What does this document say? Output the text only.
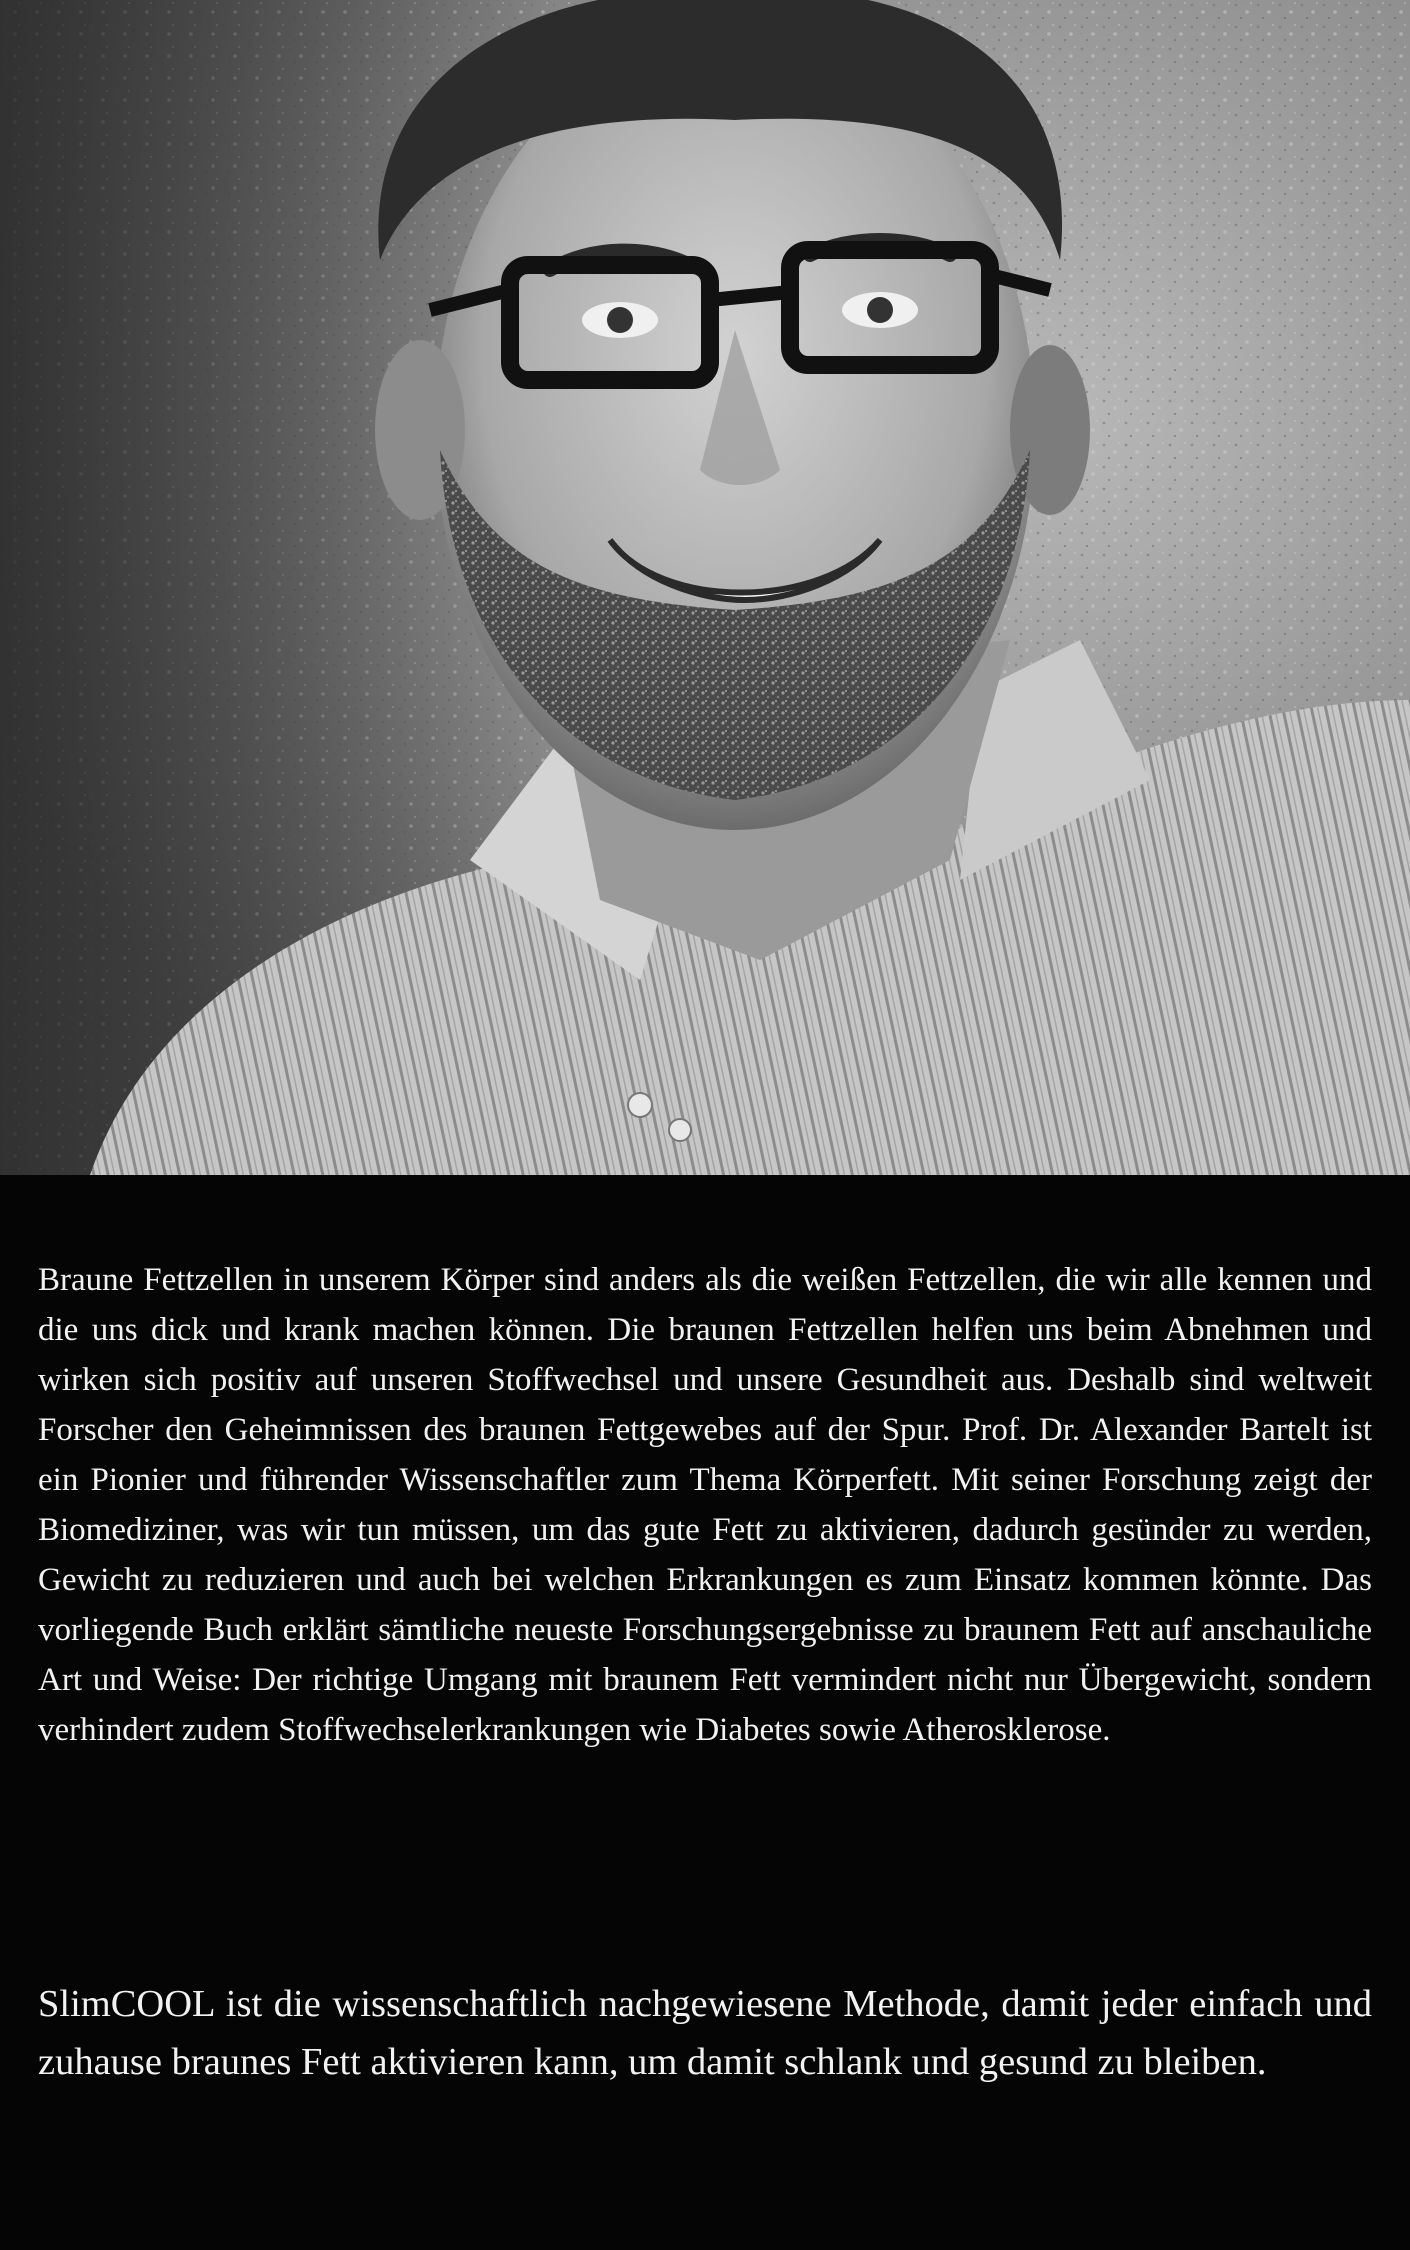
Braune Fettzellen in unserem Körper sind anders als die weißen Fettzellen, die wir alle kennen und die uns dick und krank machen können. Die braunen Fettzellen helfen uns beim Abnehmen und wirken sich positiv auf unseren Stoffwechsel und unsere Gesundheit aus. Deshalb sind weltweit Forscher den Geheimnissen des braunen Fettgewebes auf der Spur. Prof. Dr. Alexander Bartelt ist ein Pionier und führender Wissenschaftler zum Thema Körperfett. Mit seiner Forschung zeigt der Biomediziner, was wir tun müssen, um das gute Fett zu aktivieren, dadurch gesünder zu werden, Gewicht zu reduzieren und auch bei welchen Erkrankungen es zum Einsatz kommen könnte. Das vorliegende Buch erklärt sämtliche neueste Forschungsergebnisse zu braunem Fett auf anschauliche Art und Weise: Der richtige Umgang mit braunem Fett vermindert nicht nur Übergewicht, sondern verhindert zudem Stoffwechselerkrankungen wie Diabetes sowie Atherosklerose.

SlimCOOL ist die wissenschaftlich nachgewiesene Methode, damit jeder einfach und zuhause braunes Fett aktivieren kann, um damit schlank und gesund zu bleiben.
